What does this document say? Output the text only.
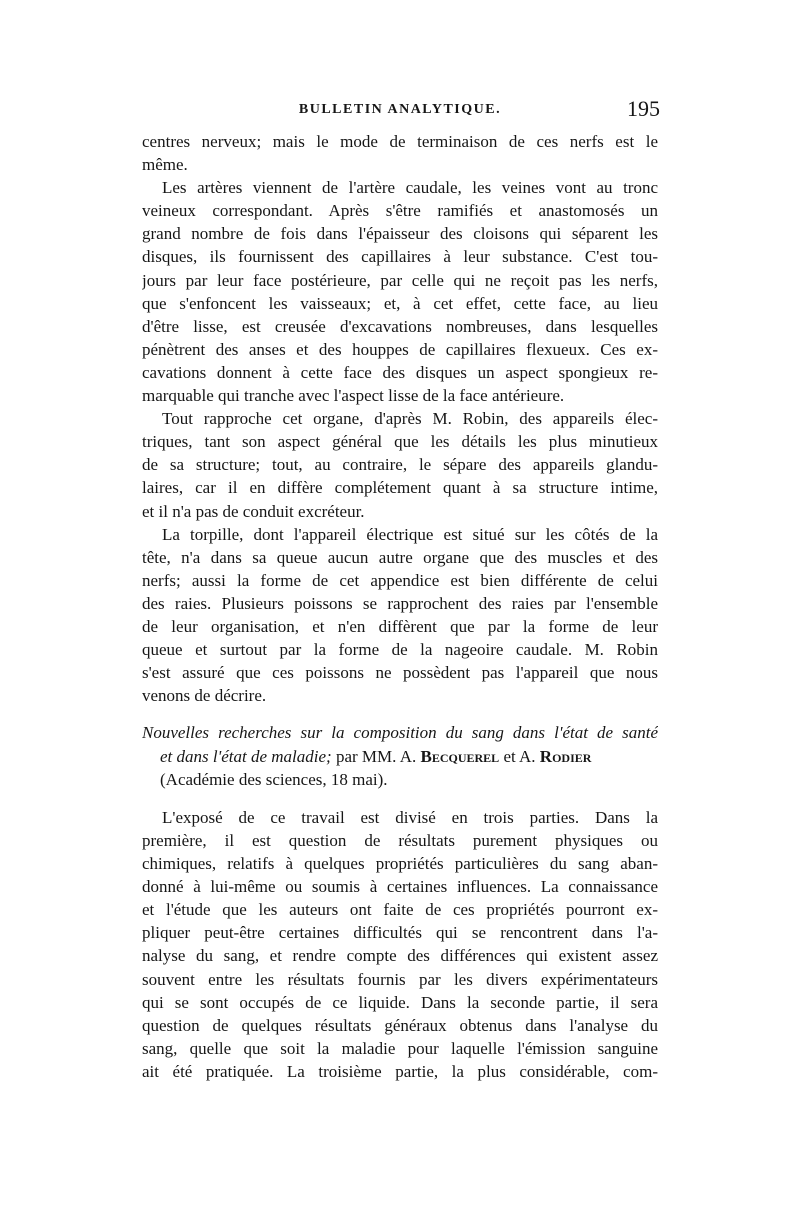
BULLETIN ANALYTIQUE.	195
centres nerveux; mais le mode de terminaison de ces nerfs est le
même.
Les artères viennent de l'artère caudale, les veines vont au tronc
veineux correspondant. Après s'être ramifiés et anastomosés un
grand nombre de fois dans l'épaisseur des cloisons qui séparent les
disques, ils fournissent des capillaires à leur substance. C'est tou-
jours par leur face postérieure, par celle qui ne reçoit pas les nerfs,
que s'enfoncent les vaisseaux; et, à cet effet, cette face, au lieu
d'être lisse, est creusée d'excavations nombreuses, dans lesquelles
pénètrent des anses et des houppes de capillaires flexueux. Ces ex-
cavations donnent à cette face des disques un aspect spongieux re-
marquable qui tranche avec l'aspect lisse de la face antérieure.
Tout rapproche cet organe, d'après M. Robin, des appareils élec-
triques, tant son aspect général que les détails les plus minutieux
de sa structure; tout, au contraire, le sépare des appareils glandu-
laires, car il en diffère complétement quant à sa structure intime,
et il n'a pas de conduit excréteur.
La torpille, dont l'appareil électrique est situé sur les côtés de la
tête, n'a dans sa queue aucun autre organe que des muscles et des
nerfs; aussi la forme de cet appendice est bien différente de celui
des raies. Plusieurs poissons se rapprochent des raies par l'ensemble
de leur organisation, et n'en diffèrent que par la forme de leur
queue et surtout par la forme de la nageoire caudale. M. Robin
s'est assuré que ces poissons ne possèdent pas l'appareil que nous
venons de décrire.
Nouvelles recherches sur la composition du sang dans l'état de santé
et dans l'état de maladie; par MM. A. Becquerel et A. Rodier
(Académie des sciences, 18 mai).
L'exposé de ce travail est divisé en trois parties. Dans la
première, il est question de résultats purement physiques ou
chimiques, relatifs à quelques propriétés particulières du sang aban-
donné à lui-même ou soumis à certaines influences. La connaissance
et l'étude que les auteurs ont faite de ces propriétés pourront ex-
pliquer peut-être certaines difficultés qui se rencontrent dans l'a-
nalyse du sang, et rendre compte des différences qui existent assez
souvent entre les résultats fournis par les divers expérimentateurs
qui se sont occupés de ce liquide. Dans la seconde partie, il sera
question de quelques résultats généraux obtenus dans l'analyse du
sang, quelle que soit la maladie pour laquelle l'émission sanguine
ait été pratiquée. La troisième partie, la plus considérable, com-
